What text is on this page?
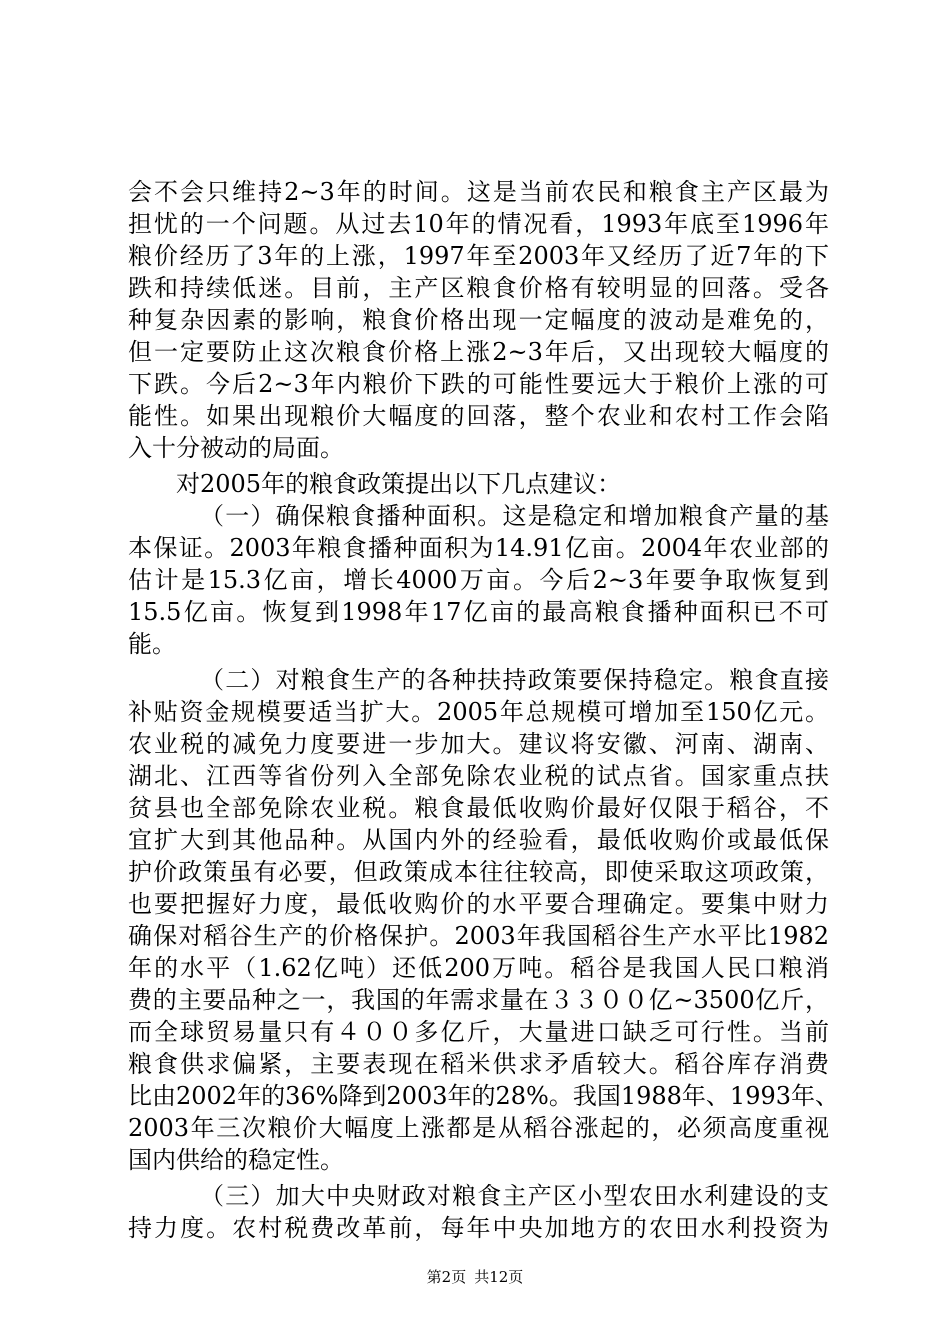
会不会只维持2~3年的时间。这是当前农民和粮食主产区最为
担忧的一个问题。从过去10年的情况看，1993年底至1996年
粮价经历了3年的上涨，1997年至2003年又经历了近7年的下
跌和持续低迷。目前，主产区粮食价格有较明显的回落。受各
种复杂因素的影响，粮食价格出现一定幅度的波动是难免的，
但一定要防止这次粮食价格上涨2~3年后，又出现较大幅度的
下跌。今后2~3年内粮价下跌的可能性要远大于粮价上涨的可
能性。如果出现粮价大幅度的回落，整个农业和农村工作会陷
入十分被动的局面。
对2005年的粮食政策提出以下几点建议：
（一）确保粮食播种面积。这是稳定和增加粮食产量的基
本保证。2003年粮食播种面积为14.91亿亩。2004年农业部的
估计是15.3亿亩，增长4000万亩。今后2~3年要争取恢复到
15.5亿亩。恢复到1998年17亿亩的最高粮食播种面积已不可
能。
（二）对粮食生产的各种扶持政策要保持稳定。粮食直接
补贴资金规模要适当扩大。2005年总规模可增加至150亿元。
农业税的减免力度要进一步加大。建议将安徽、河南、湖南、
湖北、江西等省份列入全部免除农业税的试点省。国家重点扶
贫县也全部免除农业税。粮食最低收购价最好仅限于稻谷，不
宜扩大到其他品种。从国内外的经验看，最低收购价或最低保
护价政策虽有必要，但政策成本往往较高，即使采取这项政策，
也要把握好力度，最低收购价的水平要合理确定。要集中财力
确保对稻谷生产的价格保护。2003年我国稻谷生产水平比1982
年的水平（1.62亿吨）还低200万吨。稻谷是我国人民口粮消
费的主要品种之一，我国的年需求量在３３００亿~3500亿斤，
而全球贸易量只有４００多亿斤，大量进口缺乏可行性。当前
粮食供求偏紧，主要表现在稻米供求矛盾较大。稻谷库存消费
比由2002年的36%降到2003年的28%。我国1988年、1993年、
2003年三次粮价大幅度上涨都是从稻谷涨起的，必须高度重视
国内供给的稳定性。
（三）加大中央财政对粮食主产区小型农田水利建设的支
持力度。农村税费改革前，每年中央加地方的农田水利投资为
第2页 共12页
